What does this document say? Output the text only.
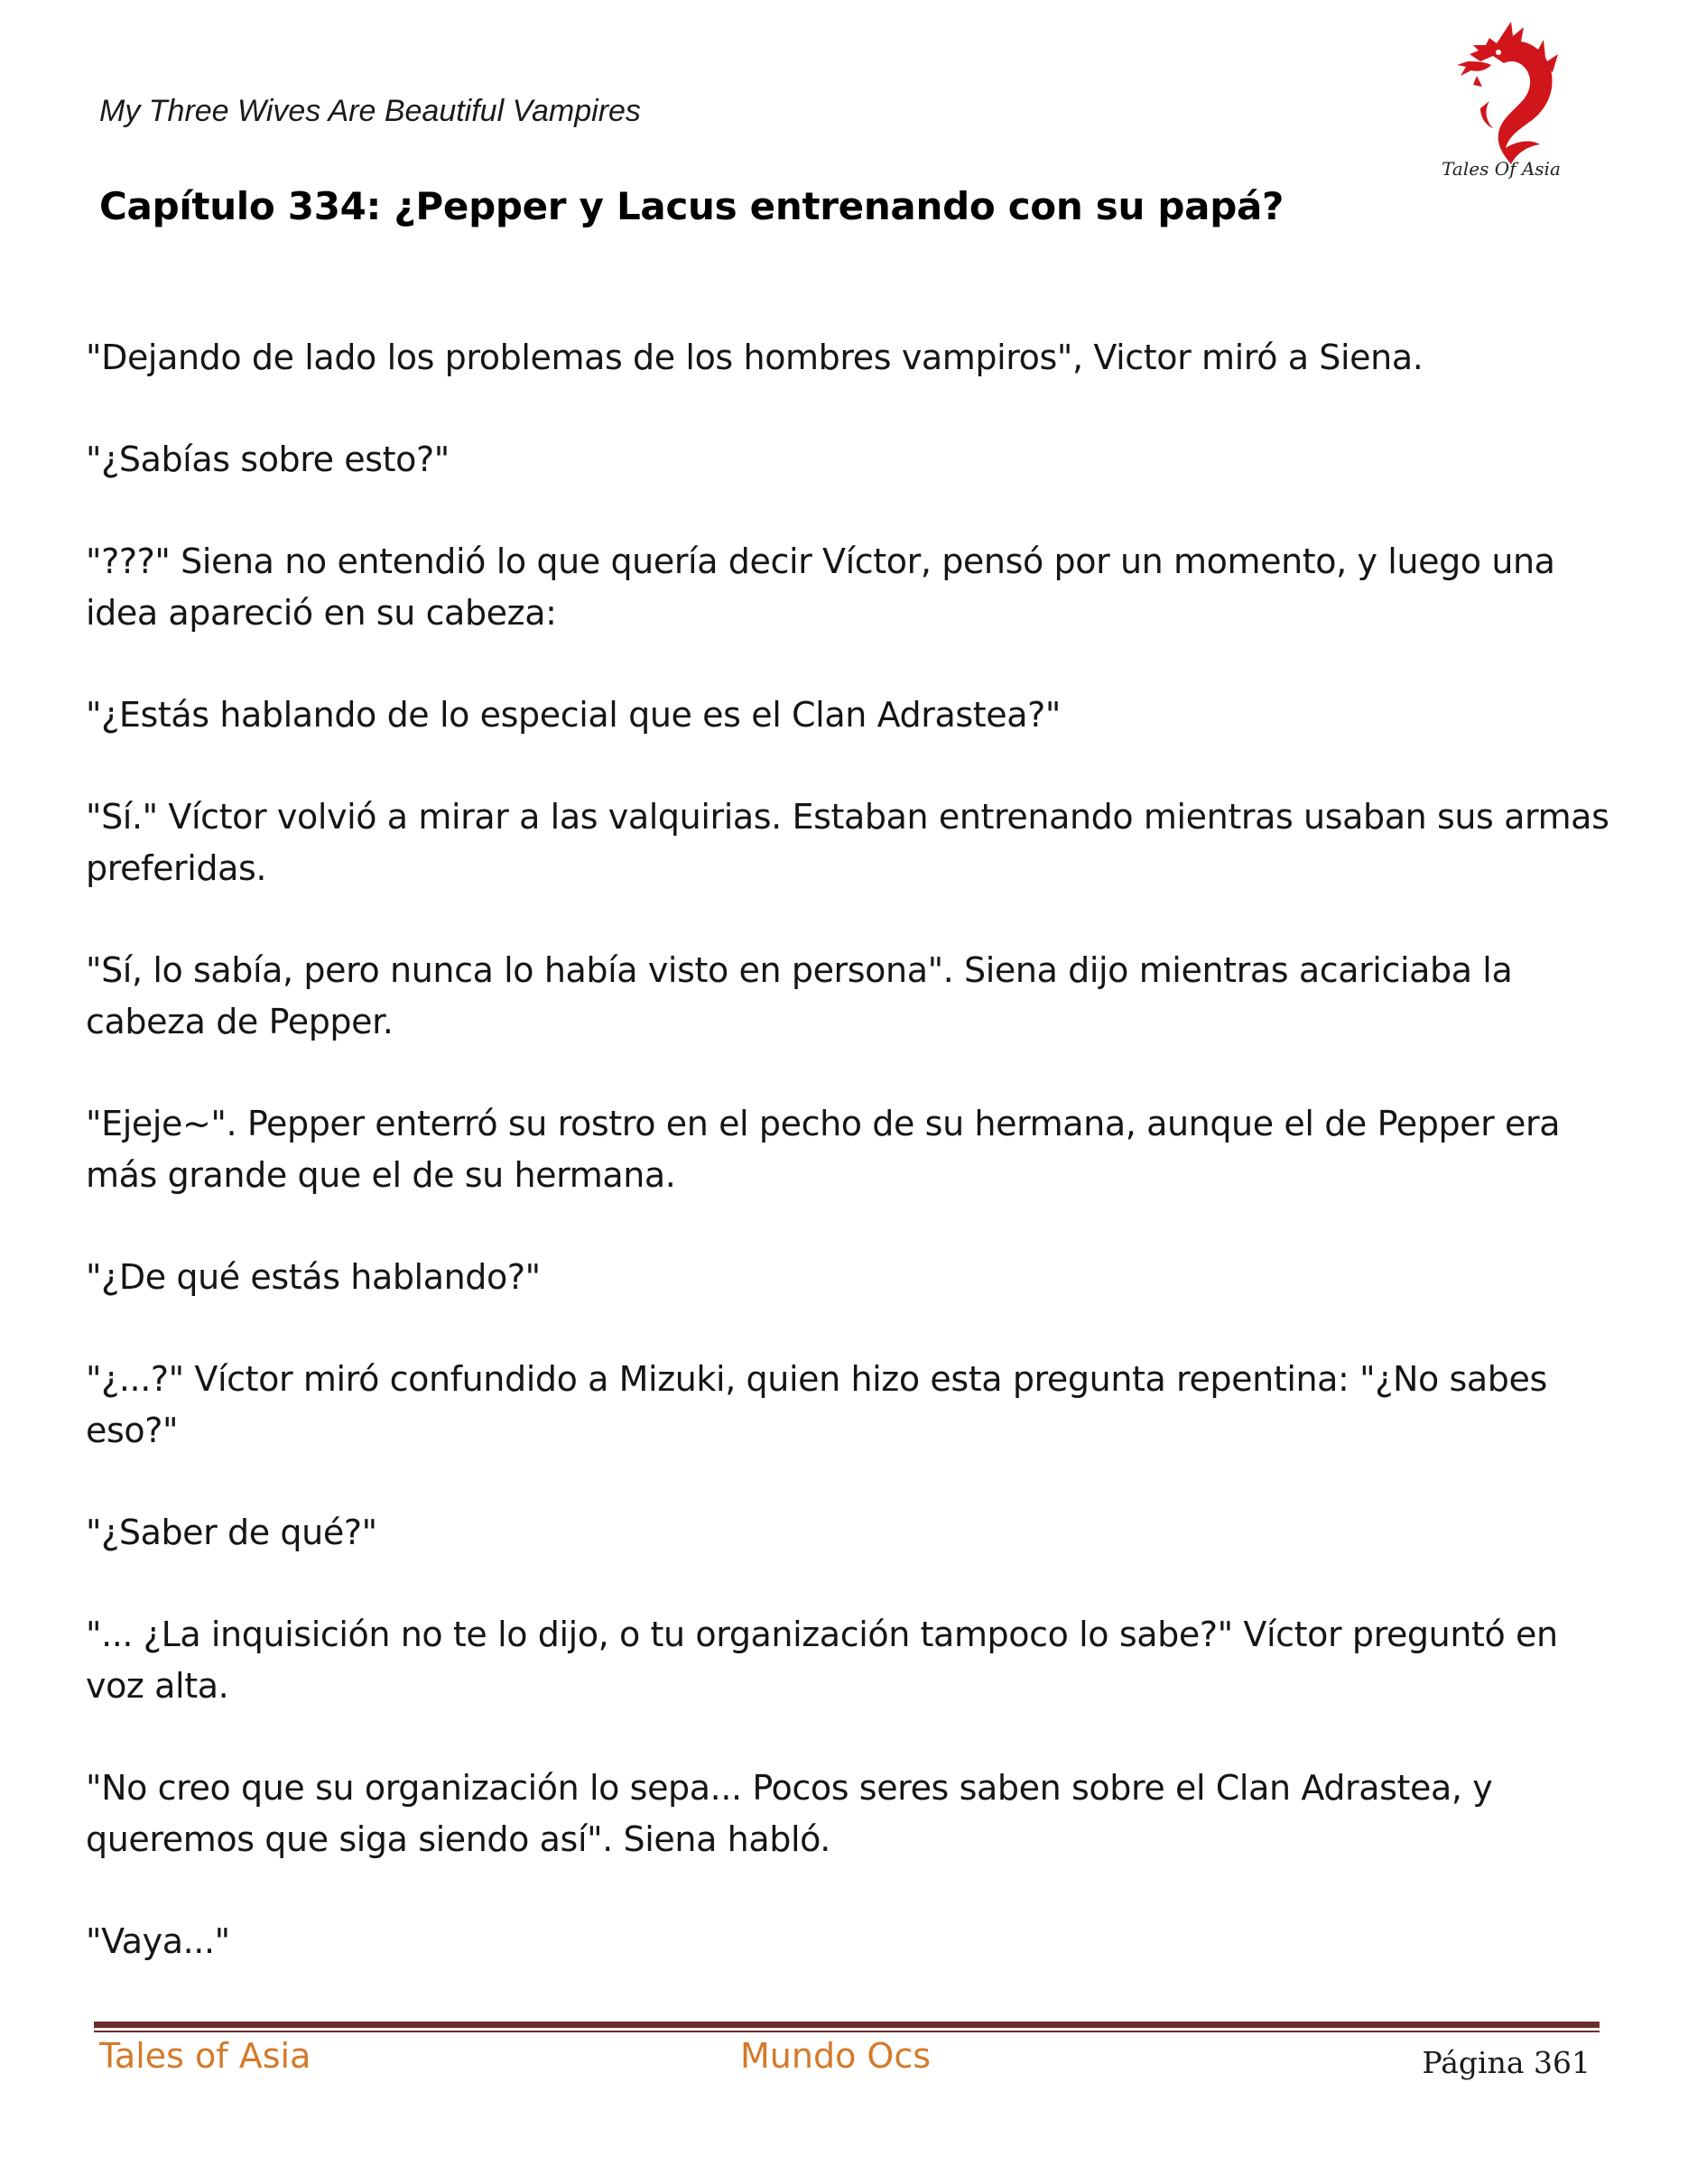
My Three Wives Are Beautiful Vampires

Tales Of Asia
Capítulo 334: ¿Pepper y Lacus entrenando con su papá?

"Dejando de lado los problemas de los hombres vampiros", Victor miró a Siena.

"¿Sabías sobre esto?"

"???" Siena no entendió lo que quería decir Víctor, pensó por un momento, y luego una idea apareció en su cabeza:

"¿Estás hablando de lo especial que es el Clan Adrastea?"

"Sí." Víctor volvió a mirar a las valquirias. Estaban entrenando mientras usaban sus armas preferidas.

"Sí, lo sabía, pero nunca lo había visto en persona". Siena dijo mientras acariciaba la cabeza de Pepper.

"Ejeje~". Pepper enterró su rostro en el pecho de su hermana, aunque el de Pepper era más grande que el de su hermana.

"¿De qué estás hablando?"

"¿...?" Víctor miró confundido a Mizuki, quien hizo esta pregunta repentina: "¿No sabes eso?"

"¿Saber de qué?"

"... ¿La inquisición no te lo dijo, o tu organización tampoco lo sabe?" Víctor preguntó en voz alta.

"No creo que su organización lo sepa... Pocos seres saben sobre el Clan Adrastea, y queremos que siga siendo así". Siena habló.

"Vaya..."

Tales of Asia	Mundo Ocs	Página 361
